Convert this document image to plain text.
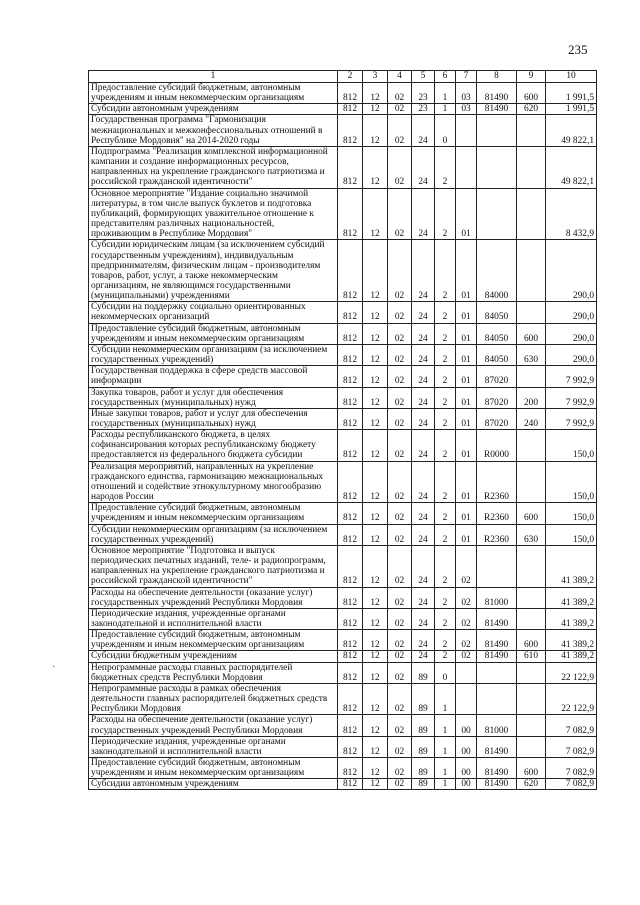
235
·
1	2	3	4	5	6	7	8	9	10
Предоставление субсидий бюджетным, автономным учреждениям и иным некоммерческим организациям	812	12	02	23	1	03	81490	600	1 991,5
Субсидии автономным учреждениям	812	12	02	23	1	03	81490	620	1 991,5
Государственная программа "Гармонизация межнациональных и межконфессиональных отношений в Республике Мордовия" на 2014-2020 годы	812	12	02	24	0				49 822,1
Подпрограмма "Реализация комплексной информационной кампании и создание информационных ресурсов, направленных на укрепление гражданского патриотизма и российской гражданской идентичности"	812	12	02	24	2				49 822,1
Основное мероприятие "Издание социально значимой литературы, в том числе выпуск буклетов и подготовка публикаций, формирующих уважительное отношение к представителям различных национальностей, проживающим в Республике Мордовия"	812	12	02	24	2	01			8 432,9
Субсидии юридическим лицам (за исключением субсидий государственным учреждениям), индивидуальным предпринимателям, физическим лицам - производителям товаров, работ, услуг, а также некоммерческим организациям, не являющимся государственными (муниципальными) учреждениями	812	12	02	24	2	01	84000		290,0
Субсидии на поддержку социально ориентированных некоммерческих организаций	812	12	02	24	2	01	84050		290,0
Предоставление субсидий бюджетным, автономным учреждениям и иным некоммерческим организациям	812	12	02	24	2	01	84050	600	290,0
Субсидии некоммерческим организациям (за исключением государственных учреждений)	812	12	02	24	2	01	84050	630	290,0
Государственная поддержка в сфере средств массовой информации	812	12	02	24	2	01	87020		7 992,9
Закупка товаров, работ и услуг для обеспечения государственных (муниципальных) нужд	812	12	02	24	2	01	87020	200	7 992,9
Иные закупки товаров, работ и услуг для обеспечения государственных (муниципальных) нужд	812	12	02	24	2	01	87020	240	7 992,9
Расходы республиканского бюджета, в целях софинансирования которых республиканскому бюджету предоставляется из федерального бюджета субсидии	812	12	02	24	2	01	R0000		150,0
Реализация мероприятий, направленных на укрепление гражданского единства, гармонизацию межнациональных отношений и содействие этнокультурному многообразию народов России	812	12	02	24	2	01	R2360		150,0
Предоставление субсидий бюджетным, автономным учреждениям и иным некоммерческим организациям	812	12	02	24	2	01	R2360	600	150,0
Субсидии некоммерческим организациям (за исключением государственных учреждений)	812	12	02	24	2	01	R2360	630	150,0
Основное мероприятие "Подготовка и выпуск периодических печатных изданий, теле- и радиопрограмм, направленных на укрепление гражданского патриотизма и российской гражданской идентичности"	812	12	02	24	2	02			41 389,2
Расходы на обеспечение деятельности (оказание услуг) государственных учреждений Республики Мордовия	812	12	02	24	2	02	81000		41 389,2
Периодические издания, учрежденные органами законодательной и исполнительной власти	812	12	02	24	2	02	81490		41 389,2
Предоставление субсидий бюджетным, автономным учреждениям и иным некоммерческим организациям	812	12	02	24	2	02	81490	600	41 389,2
Субсидии бюджетным учреждениям	812	12	02	24	2	02	81490	610	41 389,2
Непрограммные расходы главных распорядителей бюджетных средств Республики Мордовия	812	12	02	89	0				22 122,9
Непрограммные расходы в рамках обеспечения деятельности главных распорядителей бюджетных средств Республики Мордовия	812	12	02	89	1				22 122,9
Расходы на обеспечение деятельности (оказание услуг) государственных учреждений Республики Мордовия	812	12	02	89	1	00	81000		7 082,9
Периодические издания, учрежденные органами законодательной и исполнительной власти	812	12	02	89	1	00	81490		7 082,9
Предоставление субсидий бюджетным, автономным учреждениям и иным некоммерческим организациям	812	12	02	89	1	00	81490	600	7 082,9
Субсидии автономным учреждениям	812	12	02	89	1	00	81490	620	7 082,9
